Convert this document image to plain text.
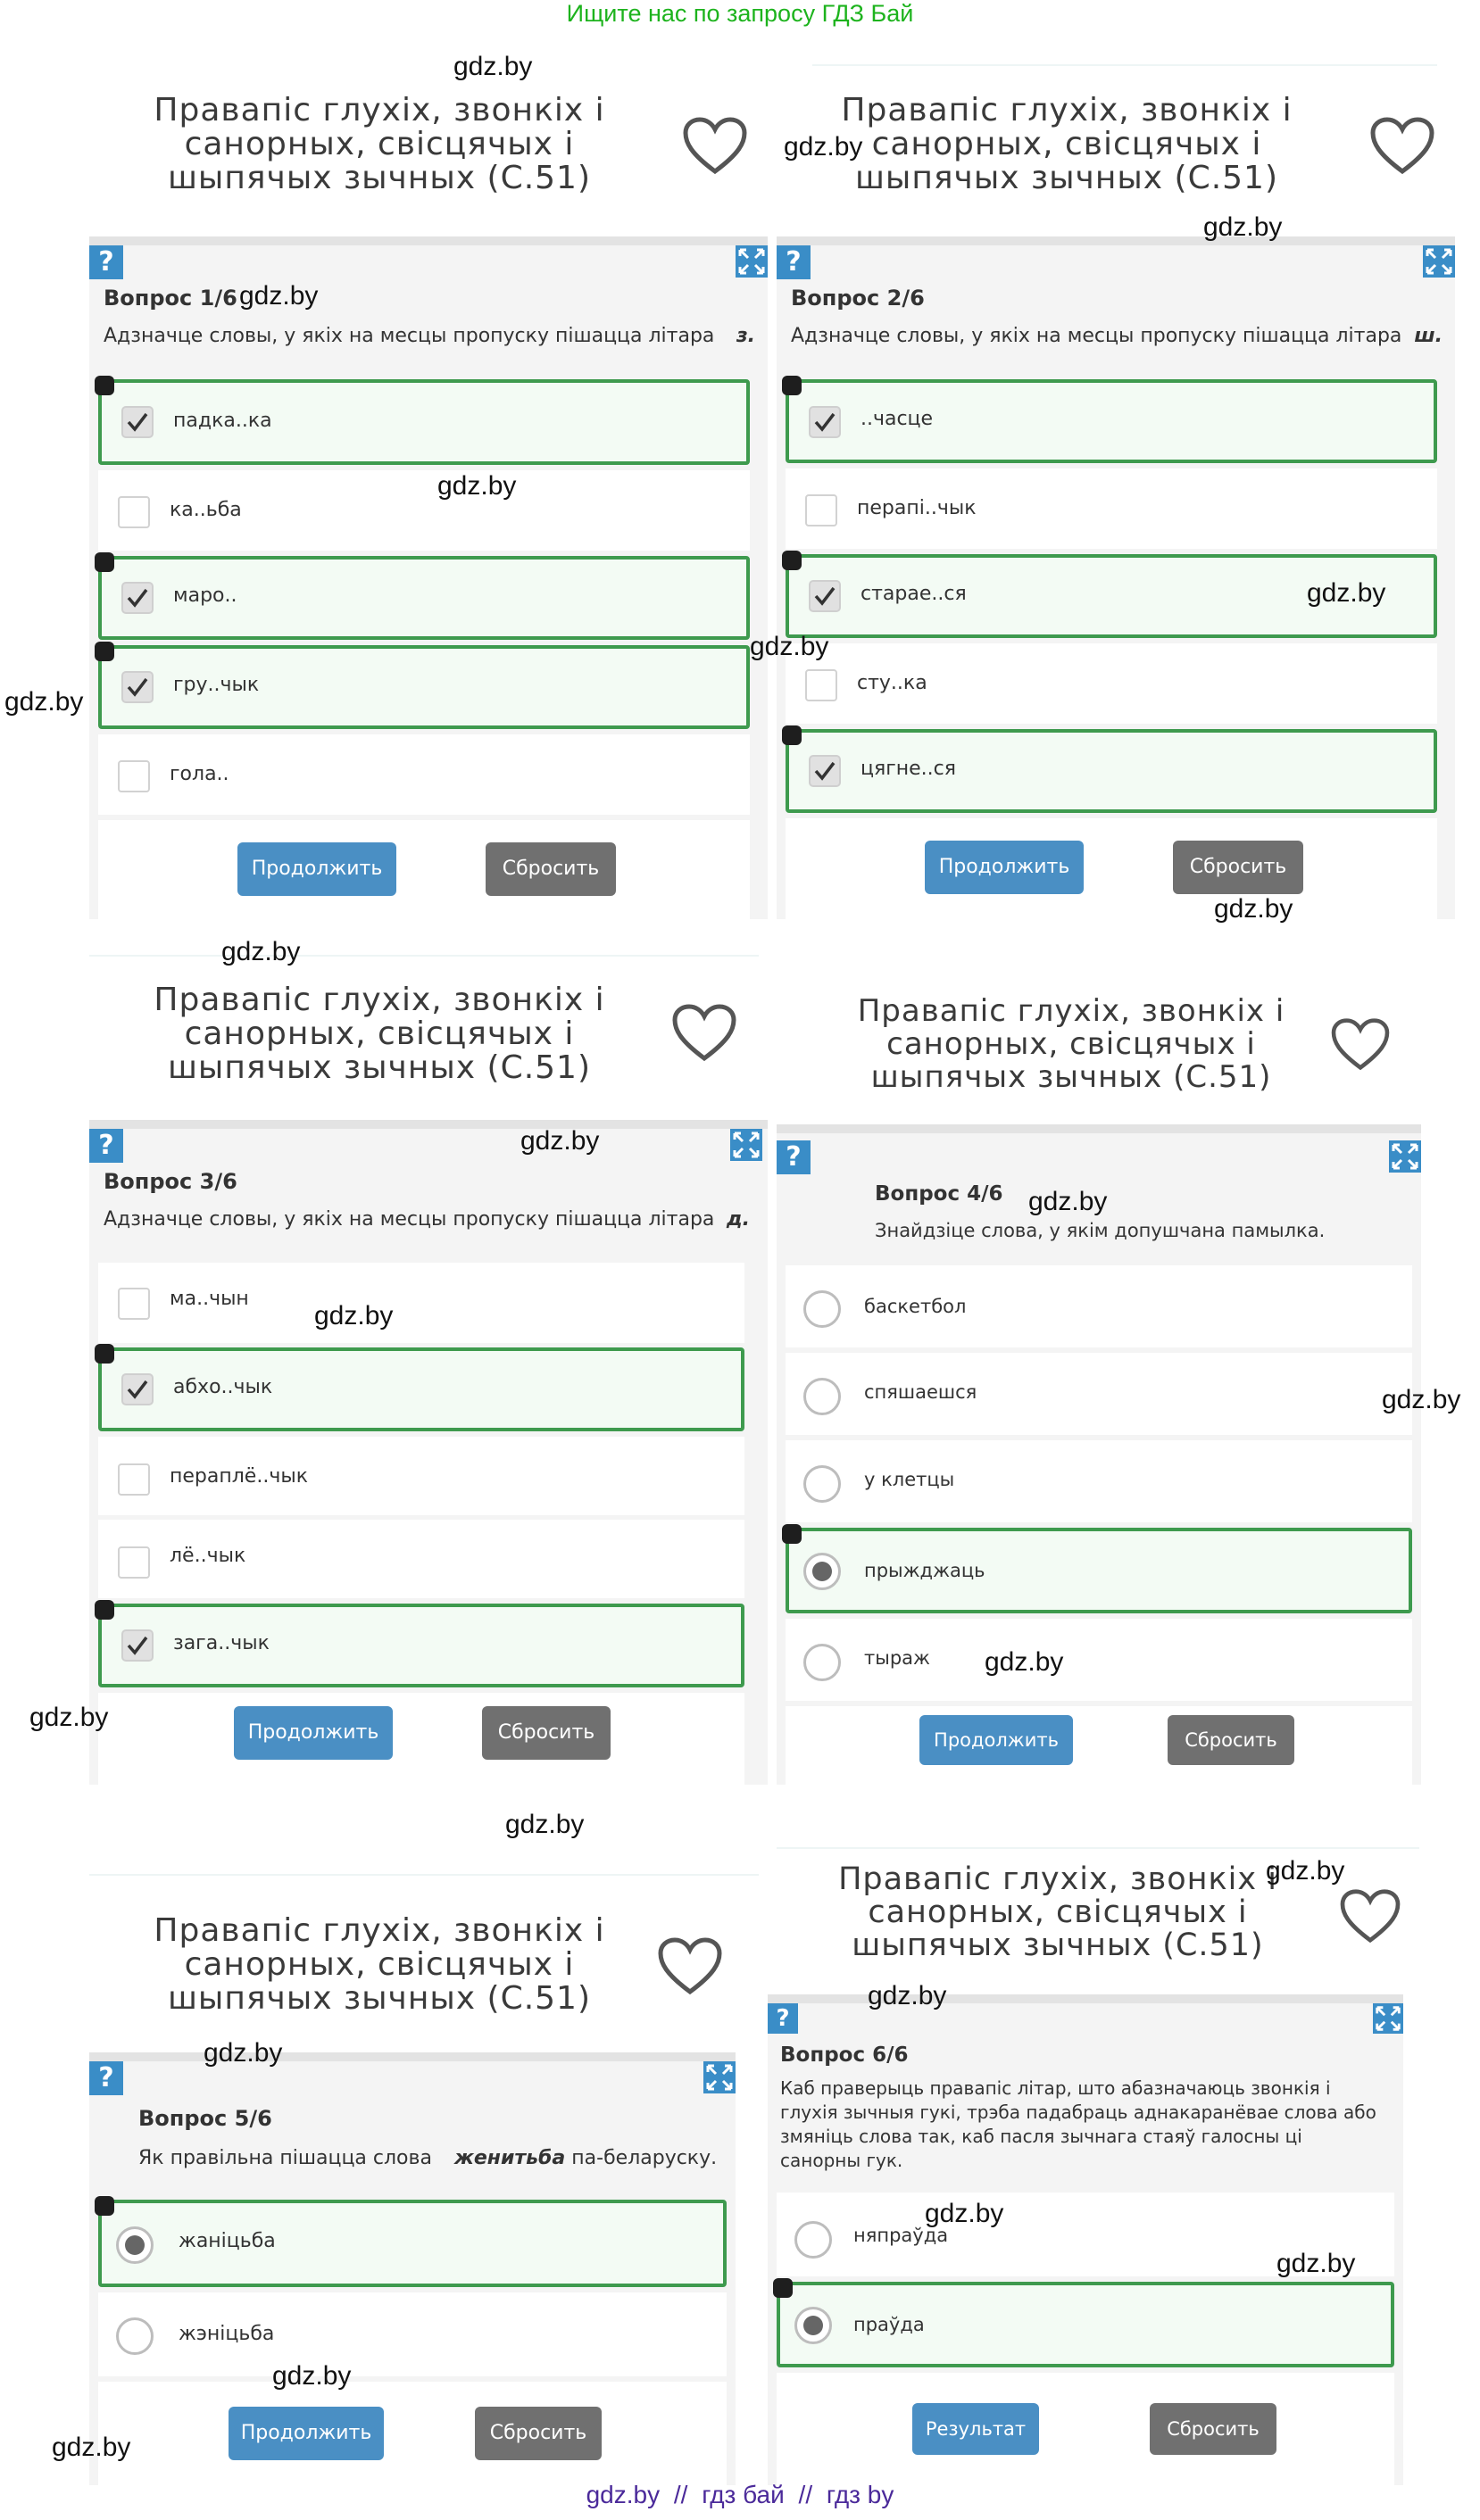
Ищите нас по запросу ГДЗ Бай
Правапіс глухіх, звонкіх і
санорных, свісцячых і
шыпячых зычных (С.51)
?
Вопрос 1/6
Адзначце словы, у якіх на месцы пропуску пішацца літара з.
падка..ка
ка..ьба
маро..
гру..чык
гола..
Продолжить	Сбросить
Правапіс глухіх, звонкіх і
санорных, свісцячых і
шыпячых зычных (С.51)
?
Вопрос 2/6
Адзначце словы, у якіх на месцы пропуску пішацца літара ш.
..часце
перапі..чык
старае..ся
сту..ка
цягне..ся
Продолжить	Сбросить
Правапіс глухіх, звонкіх і
санорных, свісцячых і
шыпячых зычных (С.51)
?
Вопрос 3/6
Адзначце словы, у якіх на месцы пропуску пішацца літара д.
ма..чын
абхо..чык
пераплё..чык
лё..чык
зага..чык
Продолжить	Сбросить
Правапіс глухіх, звонкіх і
санорных, свісцячых і
шыпячых зычных (С.51)
?
Вопрос 4/6
Знайдзіце слова, у якім допушчана памылка.
баскетбол
спяшаешся
у клетцы
прыжджаць
тыраж
Продолжить	Сбросить
Правапіс глухіх, звонкіх і
санорных, свісцячых і
шыпячых зычных (С.51)
?
Вопрос 5/6
Як правільна пішацца слова женитьба па-беларуску.
жаніцьба
жэніцьба
Продолжить	Сбросить
Правапіс глухіх, звонкіх і
санорных, свісцячых і
шыпячых зычных (С.51)
?
Вопрос 6/6
Каб праверыць правапіс літар, што абазначаюць звонкія і
глухія зычныя гукі, трэба падабраць аднакаранёвае слова або
змяніць слова так, каб пасля зычнага стаяў галосны ці
санорны гук.
няпраўда
праўда
Результат	Сбросить
gdz.by
gdz.by
gdz.by
gdz.by
gdz.by
gdz.by
gdz.by
gdz.by
gdz.by
gdz.by
gdz.by
gdz.by
gdz.by
gdz.by
gdz.by
gdz.by
gdz.by
gdz.by
gdz.by
gdz.by
gdz.by
gdz.by
gdz.by
gdz.by
gdz.by // гдз бай // гдз by
